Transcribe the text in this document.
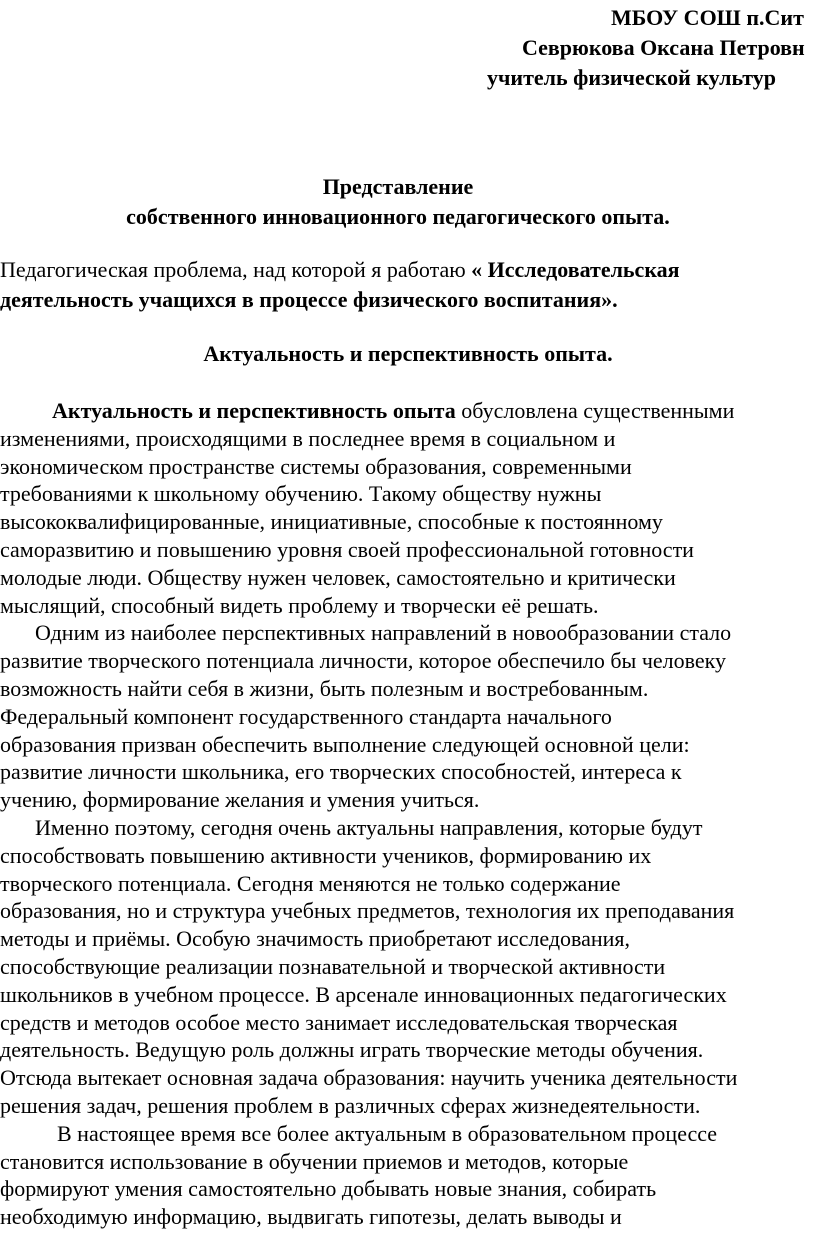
МБОУ СОШ п.Сит
Севрюкова Оксана Петровн
учитель физической культур
Представление
собственного инновационного педагогического опыта.
Педагогическая проблема, над которой я работаю « Исследовательская
деятельность учащихся в процессе физического воспитания».
Актуальность и перспективность опыта.
Актуальность и перспективность опыта обусловлена существенными
изменениями, происходящими в последнее время в социальном и
экономическом пространстве системы образования, современными
требованиями к школьному обучению. Такому обществу нужны
высококвалифицированные, инициативные, способные к постоянному
саморазвитию и повышению уровня своей профессиональной готовности
молодые люди. Обществу нужен человек, самостоятельно и критически
мыслящий, способный видеть проблему и творчески её решать.
Одним из наиболее перспективных направлений в новообразовании стало
развитие творческого потенциала личности, которое обеспечило бы человеку
возможность найти себя в жизни, быть полезным и востребованным.
Федеральный компонент государственного стандарта начального
образования призван обеспечить выполнение следующей основной цели:
развитие личности школьника, его творческих способностей, интереса к
учению, формирование желания и умения учиться.
Именно поэтому, сегодня очень актуальны направления, которые будут
способствовать повышению активности учеников, формированию их
творческого потенциала. Сегодня меняются не только содержание
образования, но и структура учебных предметов, технология их преподавания
методы и приёмы. Особую значимость приобретают исследования,
способствующие реализации познавательной и творческой активности
школьников в учебном процессе. В арсенале инновационных педагогических
средств и методов особое место занимает исследовательская творческая
деятельность. Ведущую роль должны играть творческие методы обучения.
Отсюда вытекает основная задача образования: научить ученика деятельности
решения задач, решения проблем в различных сферах жизнедеятельности.
В настоящее время все более актуальным в образовательном процессе
становится использование в обучении приемов и методов, которые
формируют умения самостоятельно добывать новые знания, собирать
необходимую информацию, выдвигать гипотезы, делать выводы и
